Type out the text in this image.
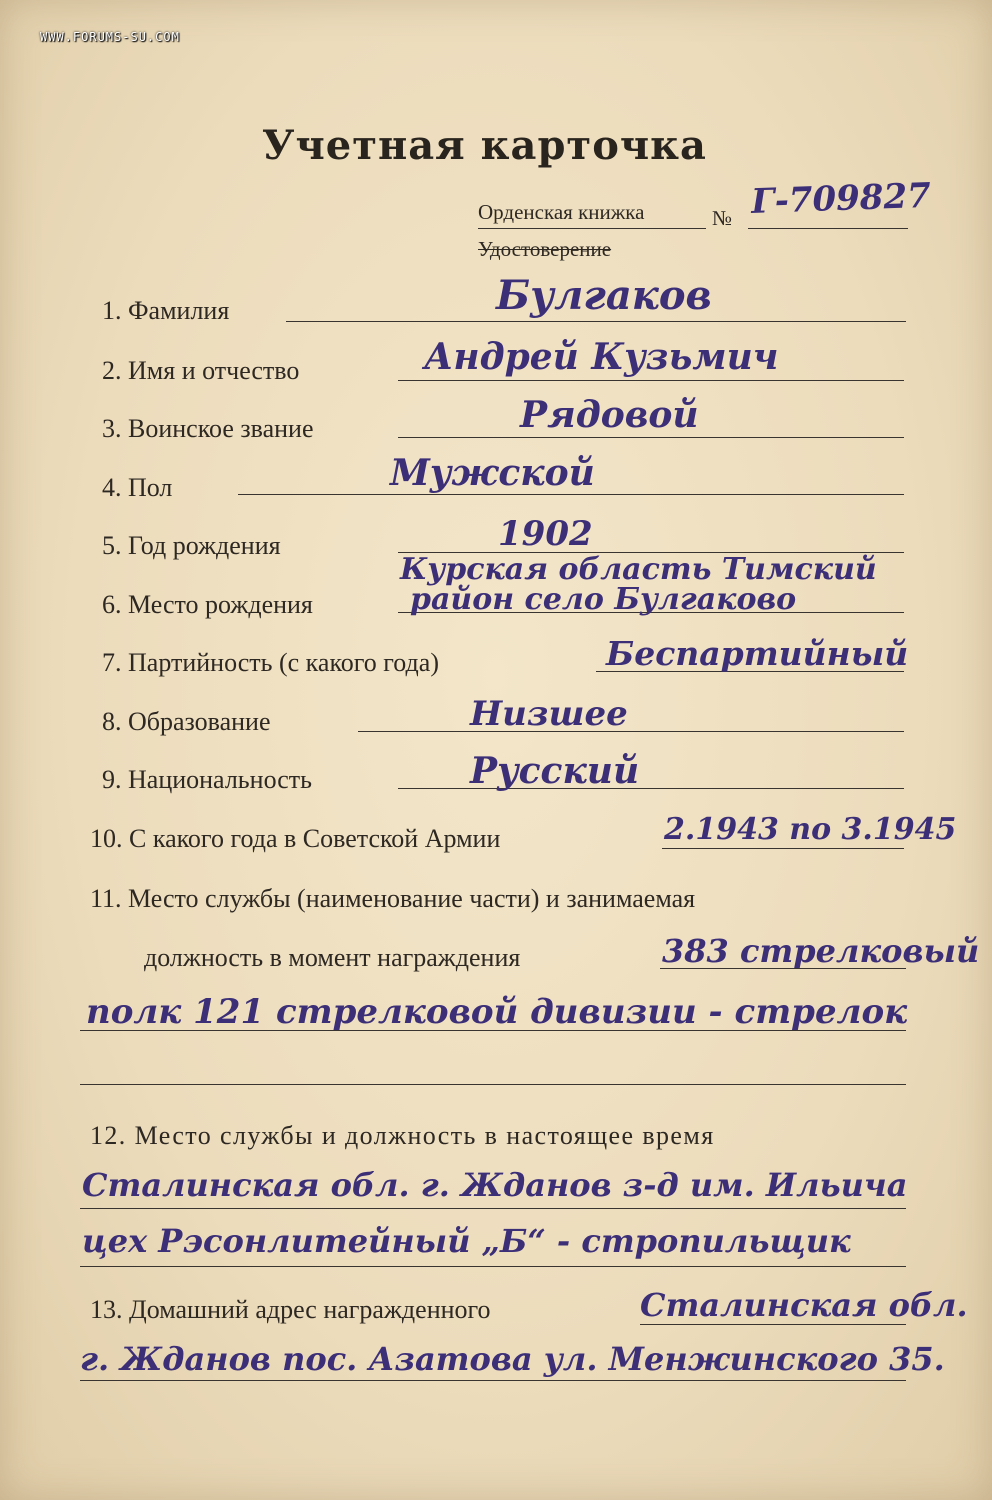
WWW.FORUMS-SU.COM
Учетная карточка
Орденская книжка	№ Г-709827
Удостоверение
1. Фамилия	Булгаков
2. Имя и отчество	Андрей Кузьмич
3. Воинское звание	Рядовой
4. Пол	Мужской
5. Год рождения	1902
6. Место рождения
Курская область Тимский
район село Булгаково
7. Партийность (с какого года)	Беспартийный
8. Образование	Низшее
9. Национальность	Русский
10. С какого года в Советской Армии	2.1943 по 3.1945
11. Место службы (наименование части) и занимаемая
должность в момент награждения	383 стрелковый
полк 121 стрелковой дивизии - стрелок
12. Место службы и должность в настоящее время
Сталинская обл. г. Жданов з-д им. Ильича
цех Рэсонлитейный „Б“ - стропильщик
13. Домашний адрес награжденного	Сталинская обл.
г. Жданов пос. Азатова ул. Менжинского 35.
